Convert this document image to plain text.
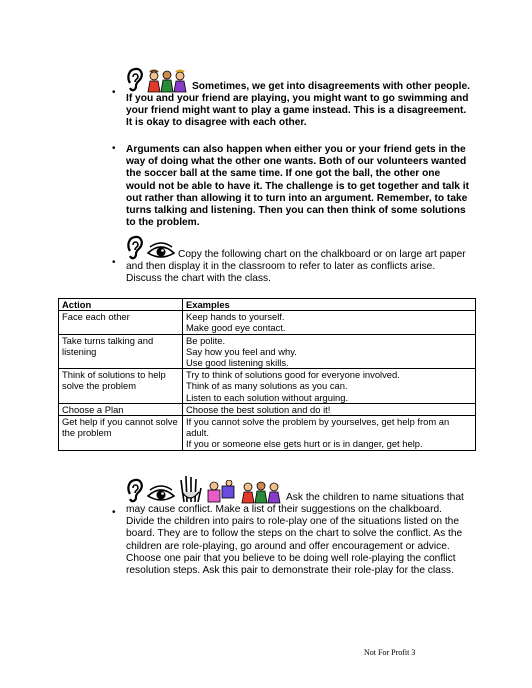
•
Sometimes, we get into disagreements with other people. If you and your friend are playing, you might want to go swimming and your friend might want to play a game instead. This is a disagreement. It is okay to disagree with each other.
• Arguments can also happen when either you or your friend gets in the way of doing what the other one wants. Both of our volunteers wanted the soccer ball at the same time. If one got the ball, the other one would not be able to have it. The challenge is to get together and talk it out rather than allowing it to turn into an argument. Remember, to take turns talking and listening. Then you can then think of some solutions to the problem.
•
Copy the following chart on the chalkboard or on large art paper and then display it in the classroom to refer to later as conflicts arise. Discuss the chart with the class.
Action	Examples
Face each other	Keep hands to yourself.
Make good eye contact.

Take turns talking and listening	Be polite.
Say how you feel and why.
Use good listening skills.

Think of solutions to help solve the problem	Try to think of solutions good for everyone involved.
Think of as many solutions as you can.
Listen to each solution without arguing.

Choose a Plan	Choose the best solution and do it!

Get help if you cannot solve the problem	If you cannot solve the problem by yourselves, get help from an adult.
If you or someone else gets hurt or is in danger, get help.
•
Ask the children to name situations that may cause conflict. Make a list of their suggestions on the chalkboard. Divide the children into pairs to role-play one of the situations listed on the board. They are to follow the steps on the chart to solve the conflict. As the children are role-playing, go around and offer encouragement or advice. Choose one pair that you believe to be doing well role-playing the conflict resolution steps. Ask this pair to demonstrate their role-play for the class.
Not For Profit 3
